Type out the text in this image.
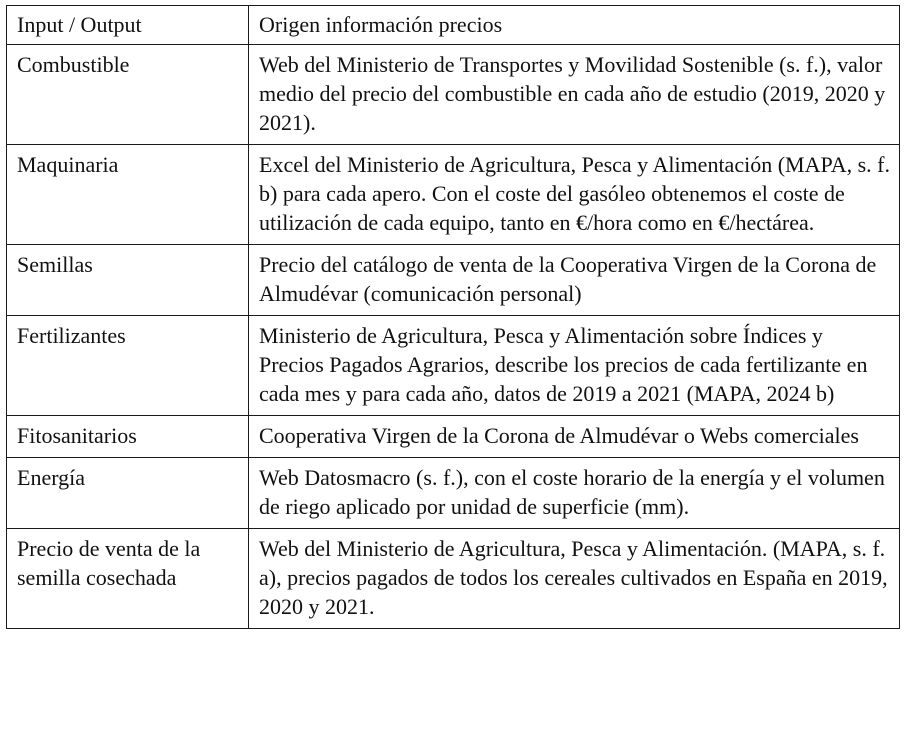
Input / Output	Origen información precios
Combustible	Web del Ministerio de Transportes y Movilidad Sostenible (s. f.), valor medio del precio del combustible en cada año de estudio (2019, 2020 y 2021).
Maquinaria	Excel del Ministerio de Agricultura, Pesca y Alimentación (MAPA, s. f. b) para cada apero. Con el coste del gasóleo obtenemos el coste de utilización de cada equipo, tanto en €/hora como en €/hectárea.
Semillas	Precio del catálogo de venta de la Cooperativa Virgen de la Corona de Almudévar (comunicación personal)
Fertilizantes	Ministerio de Agricultura, Pesca y Alimentación sobre Índices y Precios Pagados Agrarios, describe los precios de cada fertilizante en cada mes y para cada año, datos de 2019 a 2021 (MAPA, 2024 b)
Fitosanitarios	Cooperativa Virgen de la Corona de Almudévar o Webs comerciales
Energía	Web Datosmacro (s. f.), con el coste horario de la energía y el volumen de riego aplicado por unidad de superficie (mm).
Precio de venta de la semilla cosechada	Web del Ministerio de Agricultura, Pesca y Alimentación. (MAPA, s. f. a), precios pagados de todos los cereales cultivados en España en 2019, 2020 y 2021.
